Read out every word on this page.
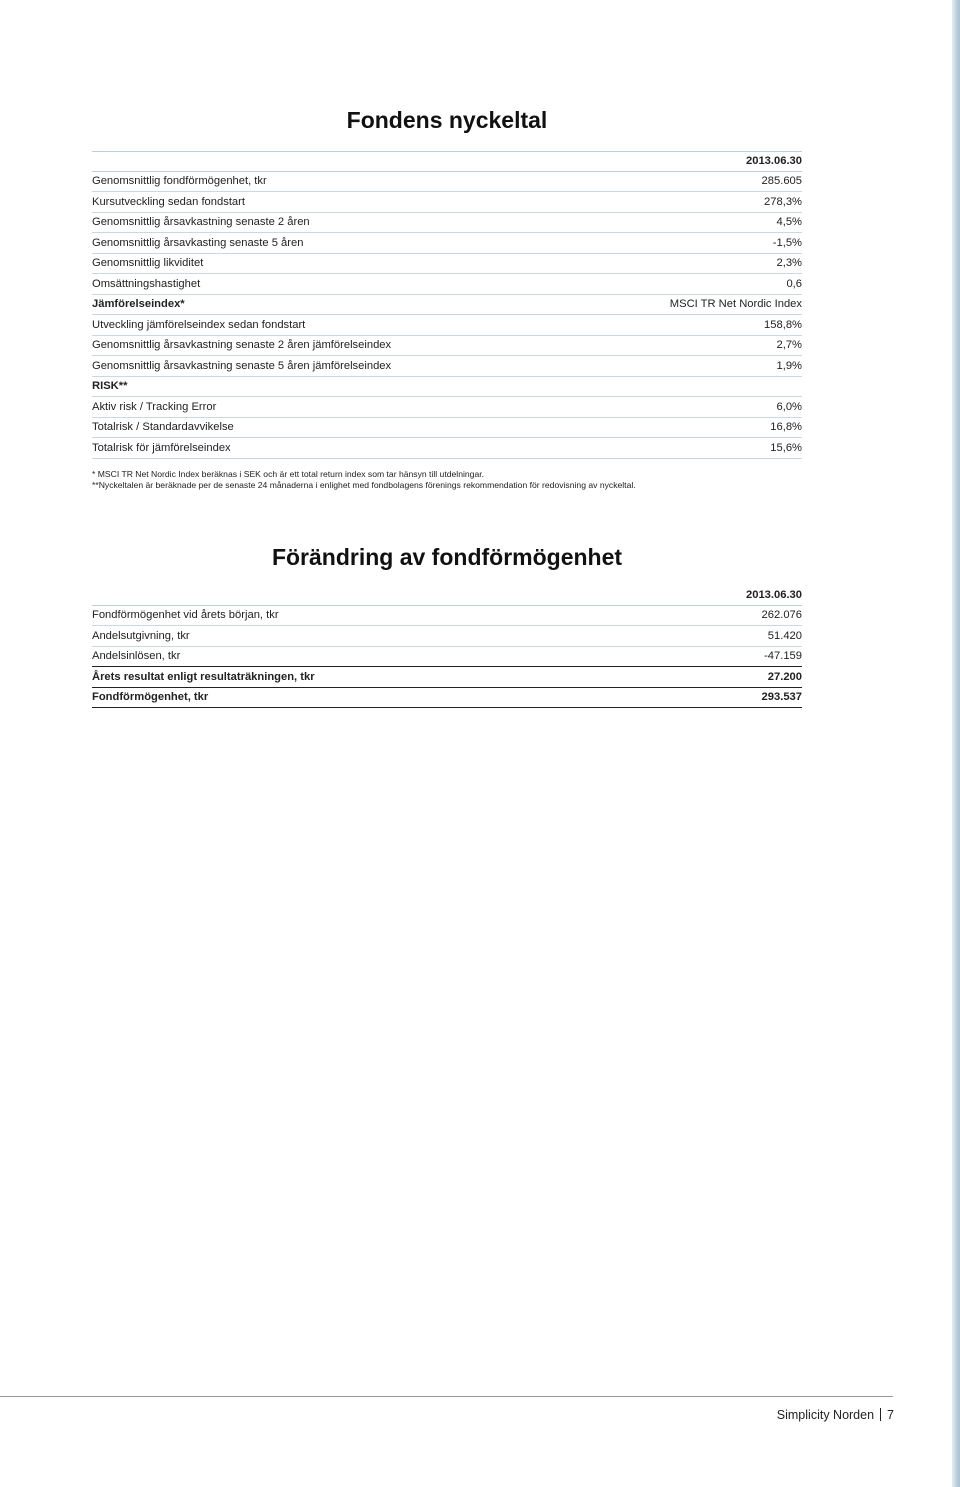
Fondens nyckeltal
2013.06.30
Genomsnittlig fondförmögenhet, tkr	285.605
Kursutveckling sedan fondstart	278,3%
Genomsnittlig årsavkastning senaste 2 åren	4,5%
Genomsnittlig årsavkasting senaste 5 åren	-1,5%
Genomsnittlig likviditet	2,3%
Omsättningshastighet	0,6
Jämförelseindex*	MSCI TR Net Nordic Index
Utveckling jämförelseindex sedan fondstart	158,8%
Genomsnittlig årsavkastning senaste 2 åren jämförelseindex	2,7%
Genomsnittlig årsavkastning senaste 5 åren jämförelseindex	1,9%
RISK**
Aktiv risk / Tracking Error	6,0%
Totalrisk / Standardavvikelse	16,8%
Totalrisk för jämförelseindex	15,6%
* MSCI TR Net Nordic Index beräknas i SEK och är ett total return index som tar hänsyn till utdelningar.
**Nyckeltalen är beräknade per de senaste 24 månaderna i enlighet med fondbolagens förenings rekommendation för redovisning av nyckeltal.
Förändring av fondförmögenhet
2013.06.30
Fondförmögenhet vid årets början, tkr	262.076
Andelsutgivning, tkr	51.420
Andelsinlösen, tkr	-47.159
Årets resultat enligt resultaträkningen, tkr	27.200
Fondförmögenhet, tkr	293.537
Simplicity Norden 7
